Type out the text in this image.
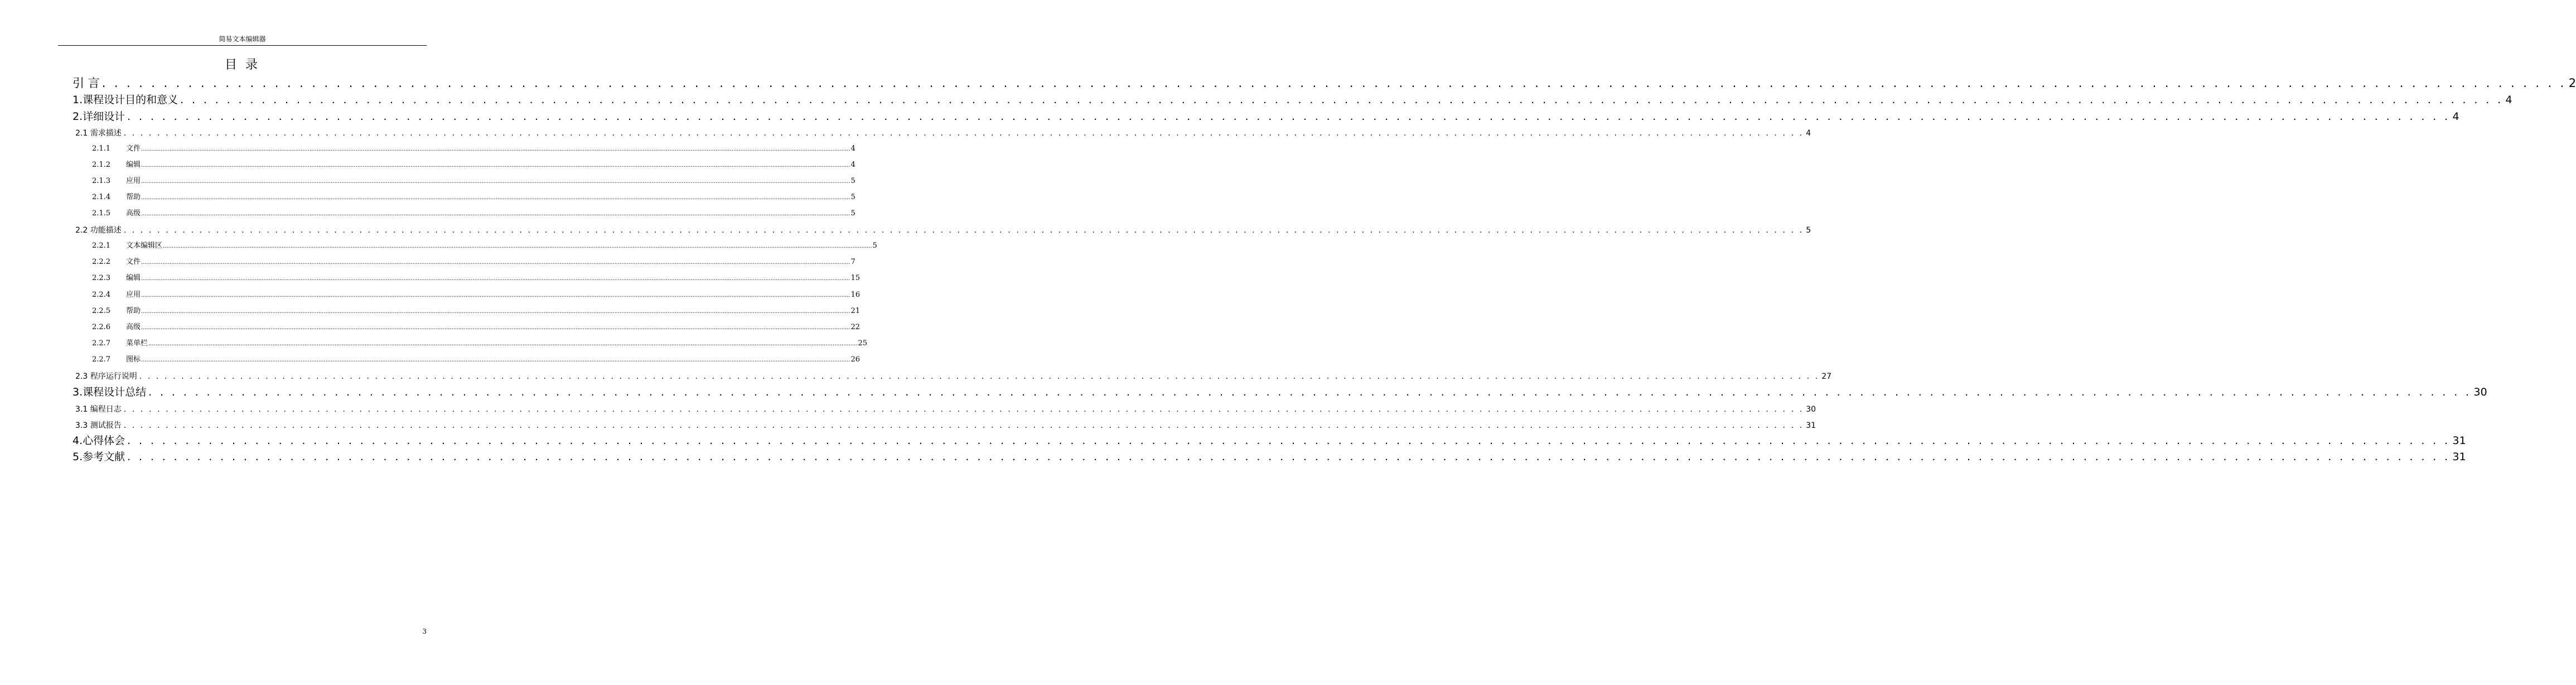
简易文本编辑器
目 录
引 言 . . . . . . . . . . . . . . . . . . . . . . . . . . . . . . . . . . . . . . . . . . . . . . . . . . . . . . . . . . . . . . . . . . . . . . . . . . . . . . . . . . . . . . . . . . . . . . . . . . . . . . . . . . . . . . . . . . . . . . . . . . . . . . . . . . . . . . . . . . . . . . . . . . . . . . . . . . . . . . . . . . . . . . . . . . . . . . . . . . . . . . . . . . . . . . . . . . . . . . . . 2
1.课程设计目的和意义 . . . . . . . . . . . . . . . . . . . . . . . . . . . . . . . . . . . . . . . . . . . . . . . . . . . . . . . . . . . . . . . . . . . . . . . . . . . . . . . . . . . . . . . . . . . . . . . . . . . . . . . . . . . . . . . . . . . . . . . . . . . . . . . . . . . . . . . . . . . . . . . . . . . . . . . . . . . . . . . . . . . . . . . . . . . . . . . . . . . . . . . . . . . . . . . . . . . . . . . . 4
2.详细设计 . . . . . . . . . . . . . . . . . . . . . . . . . . . . . . . . . . . . . . . . . . . . . . . . . . . . . . . . . . . . . . . . . . . . . . . . . . . . . . . . . . . . . . . . . . . . . . . . . . . . . . . . . . . . . . . . . . . . . . . . . . . . . . . . . . . . . . . . . . . . . . . . . . . . . . . . . . . . . . . . . . . . . . . . . . . . . . . . . . . . . . . . . . . . . . . . . . . . . . . . 4
2.1 需求描述 . . . . . . . . . . . . . . . . . . . . . . . . . . . . . . . . . . . . . . . . . . . . . . . . . . . . . . . . . . . . . . . . . . . . . . . . . . . . . . . . . . . . . . . . . . . . . . . . . . . . . . . . . . . . . . . . . . . . . . . . . . . . . . . . . . . . . . . . . . . . . . . . . . . . . . . . . . . . . . . . . . . . . . . . . . . . . . . . . . . . . . . . . . . . . . . . . . . . . . . . 4
2.1.1	文件 ................................................................................................................................................................................................................................................................................................................................................................................................................ 4
2.1.2	编辑 ................................................................................................................................................................................................................................................................................................................................................................................................................ 4
2.1.3	应用 ................................................................................................................................................................................................................................................................................................................................................................................................................ 5
2.1.4	帮助 ................................................................................................................................................................................................................................................................................................................................................................................................................ 5
2.1.5	高级 ................................................................................................................................................................................................................................................................................................................................................................................................................ 5
2.2 功能描述 . . . . . . . . . . . . . . . . . . . . . . . . . . . . . . . . . . . . . . . . . . . . . . . . . . . . . . . . . . . . . . . . . . . . . . . . . . . . . . . . . . . . . . . . . . . . . . . . . . . . . . . . . . . . . . . . . . . . . . . . . . . . . . . . . . . . . . . . . . . . . . . . . . . . . . . . . . . . . . . . . . . . . . . . . . . . . . . . . . . . . . . . . . . . . . . . . . . . . . . . 5
2.2.1	文本编辑区 ................................................................................................................................................................................................................................................................................................................................................................................................................ 5
2.2.2	文件 ................................................................................................................................................................................................................................................................................................................................................................................................................ 7
2.2.3	编辑 ................................................................................................................................................................................................................................................................................................................................................................................................................ 15
2.2.4	应用 ................................................................................................................................................................................................................................................................................................................................................................................................................ 16
2.2.5	帮助 ................................................................................................................................................................................................................................................................................................................................................................................................................ 21
2.2.6	高级 ................................................................................................................................................................................................................................................................................................................................................................................................................ 22
2.2.7	菜单栏 ................................................................................................................................................................................................................................................................................................................................................................................................................ 25
2.2.7	图标 ................................................................................................................................................................................................................................................................................................................................................................................................................ 26
2.3 程序运行说明 . . . . . . . . . . . . . . . . . . . . . . . . . . . . . . . . . . . . . . . . . . . . . . . . . . . . . . . . . . . . . . . . . . . . . . . . . . . . . . . . . . . . . . . . . . . . . . . . . . . . . . . . . . . . . . . . . . . . . . . . . . . . . . . . . . . . . . . . . . . . . . . . . . . . . . . . . . . . . . . . . . . . . . . . . . . . . . . . . . . . . . . . . . . . . . . . . . . . . . . . 27
3.课程设计总结 . . . . . . . . . . . . . . . . . . . . . . . . . . . . . . . . . . . . . . . . . . . . . . . . . . . . . . . . . . . . . . . . . . . . . . . . . . . . . . . . . . . . . . . . . . . . . . . . . . . . . . . . . . . . . . . . . . . . . . . . . . . . . . . . . . . . . . . . . . . . . . . . . . . . . . . . . . . . . . . . . . . . . . . . . . . . . . . . . . . . . . . . . . . . . . . . . . . . . . . . 30
3.1 编程日志 . . . . . . . . . . . . . . . . . . . . . . . . . . . . . . . . . . . . . . . . . . . . . . . . . . . . . . . . . . . . . . . . . . . . . . . . . . . . . . . . . . . . . . . . . . . . . . . . . . . . . . . . . . . . . . . . . . . . . . . . . . . . . . . . . . . . . . . . . . . . . . . . . . . . . . . . . . . . . . . . . . . . . . . . . . . . . . . . . . . . . . . . . . . . . . . . . . . . . . . . 30
3.3 测试报告 . . . . . . . . . . . . . . . . . . . . . . . . . . . . . . . . . . . . . . . . . . . . . . . . . . . . . . . . . . . . . . . . . . . . . . . . . . . . . . . . . . . . . . . . . . . . . . . . . . . . . . . . . . . . . . . . . . . . . . . . . . . . . . . . . . . . . . . . . . . . . . . . . . . . . . . . . . . . . . . . . . . . . . . . . . . . . . . . . . . . . . . . . . . . . . . . . . . . . . . . 31
4.心得体会 . . . . . . . . . . . . . . . . . . . . . . . . . . . . . . . . . . . . . . . . . . . . . . . . . . . . . . . . . . . . . . . . . . . . . . . . . . . . . . . . . . . . . . . . . . . . . . . . . . . . . . . . . . . . . . . . . . . . . . . . . . . . . . . . . . . . . . . . . . . . . . . . . . . . . . . . . . . . . . . . . . . . . . . . . . . . . . . . . . . . . . . . . . . . . . . . . . . . . . . . 31
5.参考文献 . . . . . . . . . . . . . . . . . . . . . . . . . . . . . . . . . . . . . . . . . . . . . . . . . . . . . . . . . . . . . . . . . . . . . . . . . . . . . . . . . . . . . . . . . . . . . . . . . . . . . . . . . . . . . . . . . . . . . . . . . . . . . . . . . . . . . . . . . . . . . . . . . . . . . . . . . . . . . . . . . . . . . . . . . . . . . . . . . . . . . . . . . . . . . . . . . . . . . . . . 31
3
